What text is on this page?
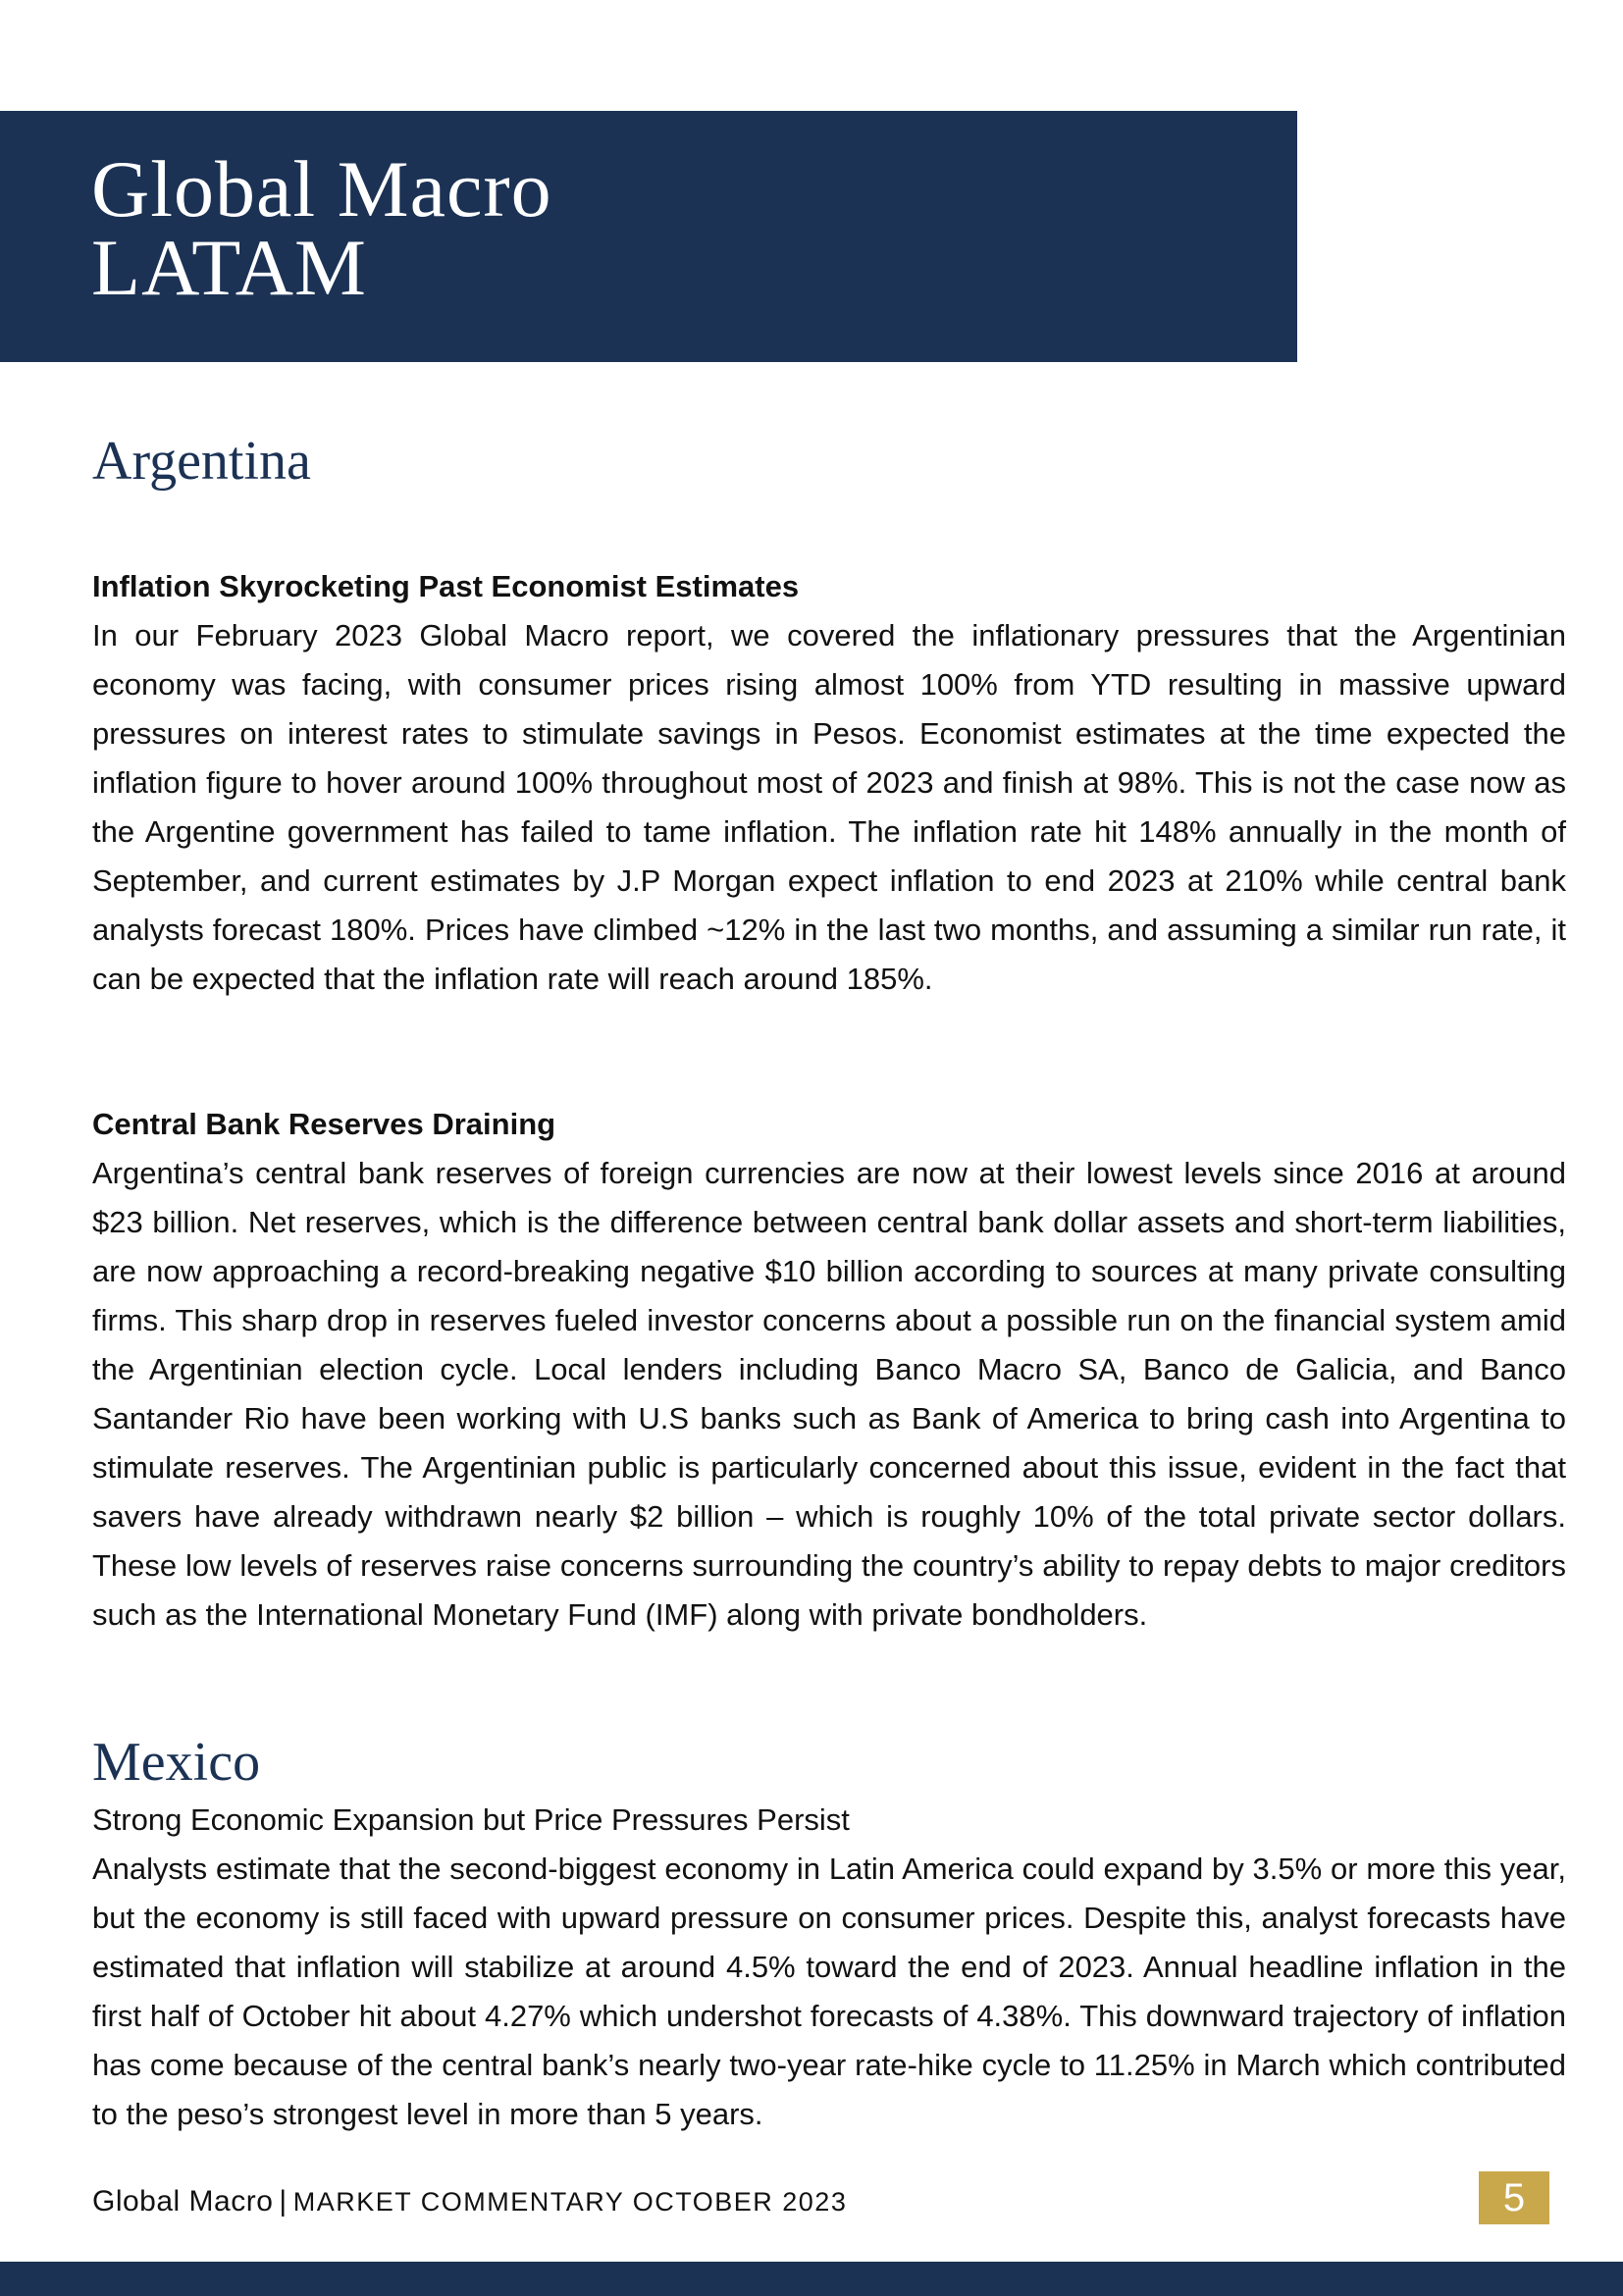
Global Macro
LATAM
Argentina

Inflation Skyrocketing Past Economist Estimates

In our February 2023 Global Macro report, we covered the inflationary pressures that the Argentinian economy was facing, with consumer prices rising almost 100% from YTD resulting in massive upward pressures on interest rates to stimulate savings in Pesos. Economist estimates at the time expected the inflation figure to hover around 100% throughout most of 2023 and finish at 98%. This is not the case now as the Argentine government has failed to tame inflation. The inflation rate hit 148% annually in the month of September, and current estimates by J.P Morgan expect inflation to end 2023 at 210% while central bank analysts forecast 180%. Prices have climbed ~12% in the last two months, and assuming a similar run rate, it can be expected that the inflation rate will reach around 185%.

Central Bank Reserves Draining

Argentina’s central bank reserves of foreign currencies are now at their lowest levels since 2016 at around $23 billion. Net reserves, which is the difference between central bank dollar assets and short-term liabilities, are now approaching a record-breaking negative $10 billion according to sources at many private consulting firms. This sharp drop in reserves fueled investor concerns about a possible run on the financial system amid the Argentinian election cycle. Local lenders including Banco Macro SA, Banco de Galicia, and Banco Santander Rio have been working with U.S banks such as Bank of America to bring cash into Argentina to stimulate reserves. The Argentinian public is particularly concerned about this issue, evident in the fact that savers have already withdrawn nearly $2 billion – which is roughly 10% of the total private sector dollars. These low levels of reserves raise concerns surrounding the country’s ability to repay debts to major creditors such as the International Monetary Fund (IMF) along with private bondholders.

Mexico

Strong Economic Expansion but Price Pressures Persist

Analysts estimate that the second-biggest economy in Latin America could expand by 3.5% or more this year, but the economy is still faced with upward pressure on consumer prices. Despite this, analyst forecasts have estimated that inflation will stabilize at around 4.5% toward the end of 2023. Annual headline inflation in the first half of October hit about 4.27% which undershot forecasts of 4.38%. This downward trajectory of inflation has come because of the central bank’s nearly two-year rate-hike cycle to 11.25% in March which contributed to the peso’s strongest level in more than 5 years.

Global Macro | MARKET COMMENTARY OCTOBER 2023	5
